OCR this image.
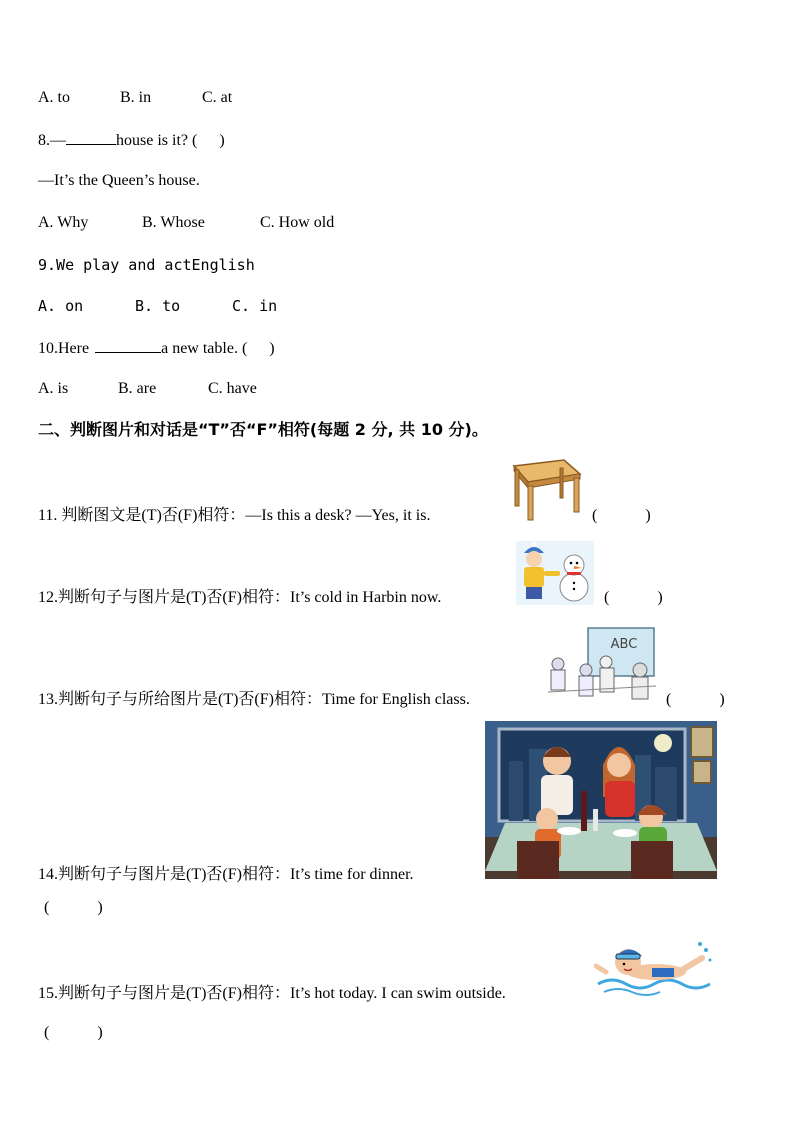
A. to	B. in	C. at
8.—	house is it? ( )
—It’s the Queen’s house.
A. Why	B. Whose	C. How old
9.We play and actEnglish
A. on	B. to	C. in
10.Here	a new table. ( )
A. is	B. are	C. have
二、判断图片和对话是“T”否“F”相符(每题 2 分, 共 10 分)。
11. 判断图文是(T)否(F)相符：—Is this a desk? —Yes, it is.	(　　　)
12.判断句子与图片是(T)否(F)相符：It’s cold in Harbin now.	(　　　)
13.判断句子与所给图片是(T)否(F)相符：Time for English class.	(　　　)
ABC
14.判断句子与图片是(T)否(F)相符：It’s time for dinner.
(　　　)
15.判断句子与图片是(T)否(F)相符：It’s hot today. I can swim outside.
(　　　)
